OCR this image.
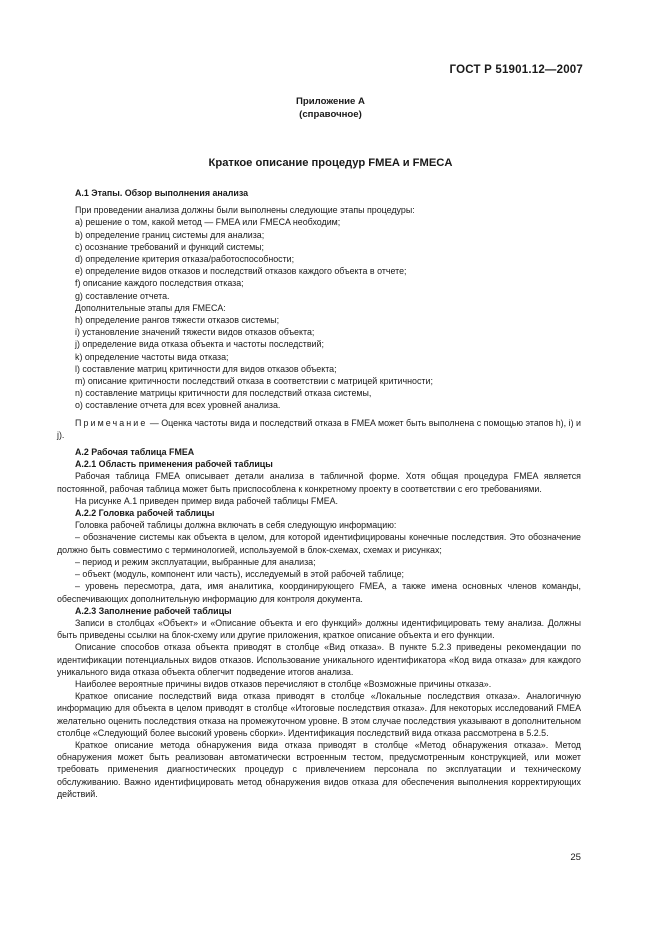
ГОСТ Р 51901.12—2007
Приложение А
(справочное)
Краткое описание процедур FMEA и FMECA

А.1 Этапы. Обзор выполнения анализа

При проведении анализа должны были выполнены следующие этапы процедуры:

a) решение о том, какой метод — FMEA или FMECA необходим;

b) определение границ системы для анализа;

c) осознание требований и функций системы;

d) определение критерия отказа/работоспособности;

e) определение видов отказов и последствий отказов каждого объекта в отчете;

f) описание каждого последствия отказа;

g) составление отчета.

Дополнительные этапы для FMECA:

h) определение рангов тяжести отказов системы;

i) установление значений тяжести видов отказов объекта;

j) определение вида отказа объекта и частоты последствий;

k) определение частоты вида отказа;

l) составление матриц критичности для видов отказов объекта;

m) описание критичности последствий отказа в соответствии с матрицей критичности;

n) составление матрицы критичности для последствий отказа системы,

o) составление отчета для всех уровней анализа.

Примечание — Оценка частоты вида и последствий отказа в FMEA может быть выполнена с помощью этапов h), i) и j).

А.2 Рабочая таблица FMEA

А.2.1 Область применения рабочей таблицы

Рабочая таблица FMEA описывает детали анализа в табличной форме. Хотя общая процедура FMEA является постоянной, рабочая таблица может быть приспособлена к конкретному проекту в соответствии с его требованиями.

На рисунке А.1 приведен пример вида рабочей таблицы FMEA.

А.2.2 Головка рабочей таблицы

Головка рабочей таблицы должна включать в себя следующую информацию:

– обозначение системы как объекта в целом, для которой идентифицированы конечные последствия. Это обозначение должно быть совместимо с терминологией, используемой в блок-схемах, схемах и рисунках;

– период и режим эксплуатации, выбранные для анализа;

– объект (модуль, компонент или часть), исследуемый в этой рабочей таблице;

– уровень пересмотра, дата, имя аналитика, координирующего FMEA, а также имена основных членов команды, обеспечивающих дополнительную информацию для контроля документа.

А.2.3 Заполнение рабочей таблицы

Записи в столбцах «Объект» и «Описание объекта и его функций» должны идентифицировать тему анализа. Должны быть приведены ссылки на блок-схему или другие приложения, краткое описание объекта и его функции.

Описание способов отказа объекта приводят в столбце «Вид отказа». В пункте 5.2.3 приведены рекомендации по идентификации потенциальных видов отказов. Использование уникального идентификатора «Код вида отказа» для каждого уникального вида отказа объекта облегчит подведение итогов анализа.

Наиболее вероятные причины видов отказов перечисляют в столбце «Возможные причины отказа».

Краткое описание последствий вида отказа приводят в столбце «Локальные последствия отказа». Аналогичную информацию для объекта в целом приводят в столбце «Итоговые последствия отказа». Для некоторых исследований FMEA желательно оценить последствия отказа на промежуточном уровне. В этом случае последствия указывают в дополнительном столбце «Следующий более высокий уровень сборки». Идентификация последствий вида отказа рассмотрена в 5.2.5.

Краткое описание метода обнаружения вида отказа приводят в столбце «Метод обнаружения отказа». Метод обнаружения может быть реализован автоматически встроенным тестом, предусмотренным конструкцией, или может требовать применения диагностических процедур с привлечением персонала по эксплуатации и техническому обслуживанию. Важно идентифицировать метод обнаружения видов отказа для обеспечения выполнения корректирующих действий.

25
